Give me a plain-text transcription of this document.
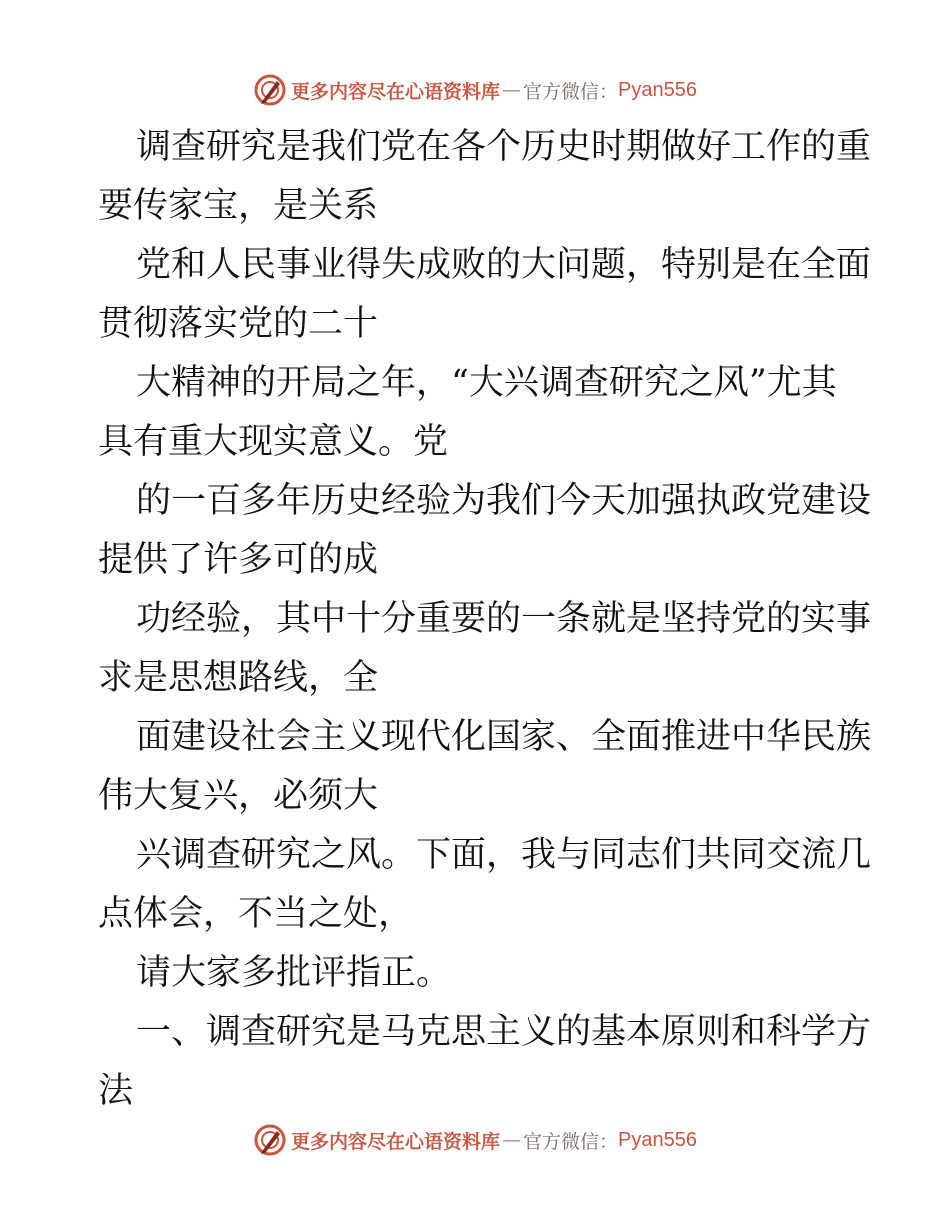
更多内容尽在心语资料库 — 官方微信： Pyan556

调查研究是我们党在各个历史时期做好工作的重
要传家宝，是关系

党和人民事业得失成败的大问题，特别是在全面
贯彻落实党的二十

大精神的开局之年，“大兴调查研究之风”尤其
具有重大现实意义。党

的一百多年历史经验为我们今天加强执政党建设
提供了许多可的成

功经验，其中十分重要的一条就是坚持党的实事
求是思想路线，全

面建设社会主义现代化国家、全面推进中华民族
伟大复兴，必须大

兴调查研究之风。下面，我与同志们共同交流几
点体会，不当之处，

请大家多批评指正。

一、调查研究是马克思主义的基本原则和科学方
法

更多内容尽在心语资料库 — 官方微信： Pyan556
